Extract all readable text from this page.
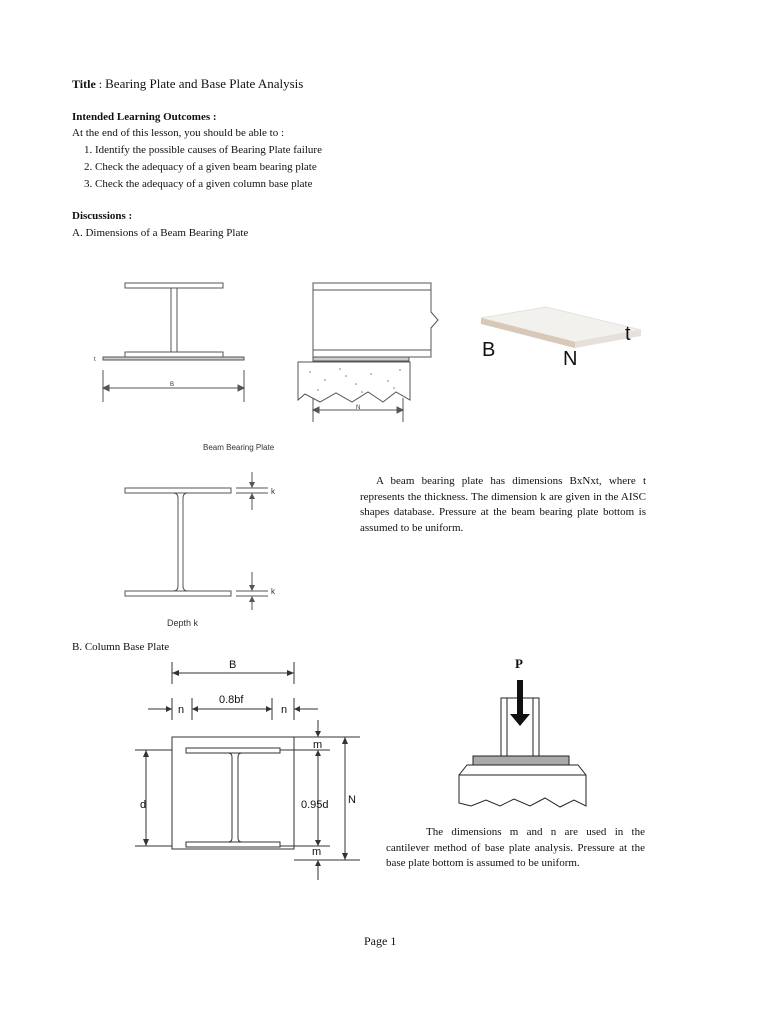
Title : Bearing Plate and Base Plate Analysis
Intended Learning Outcomes :
At the end of this lesson, you should be able to :
1. Identify the possible causes of Bearing Plate failure
2. Check the adequacy of a given beam bearing plate
3. Check the adequacy of a given column base plate
Discussions :
A. Dimensions of a Beam Bearing Plate
t
B
N
B	N
t
Beam Bearing Plate
k
k
Depth k
A beam bearing plate has dimensions BxNxt, where t represents the thickness. The dimension k are given in the AISC shapes database. Pressure at the beam bearing plate bottom is assumed to be uniform.
B. Column Base Plate
B
n
0.8bf
n
m
d	0.95d N
m
P
The dimensions m and n are used in the cantilever method of base plate analysis. Pressure at the base plate bottom is assumed to be uniform.
Page 1
